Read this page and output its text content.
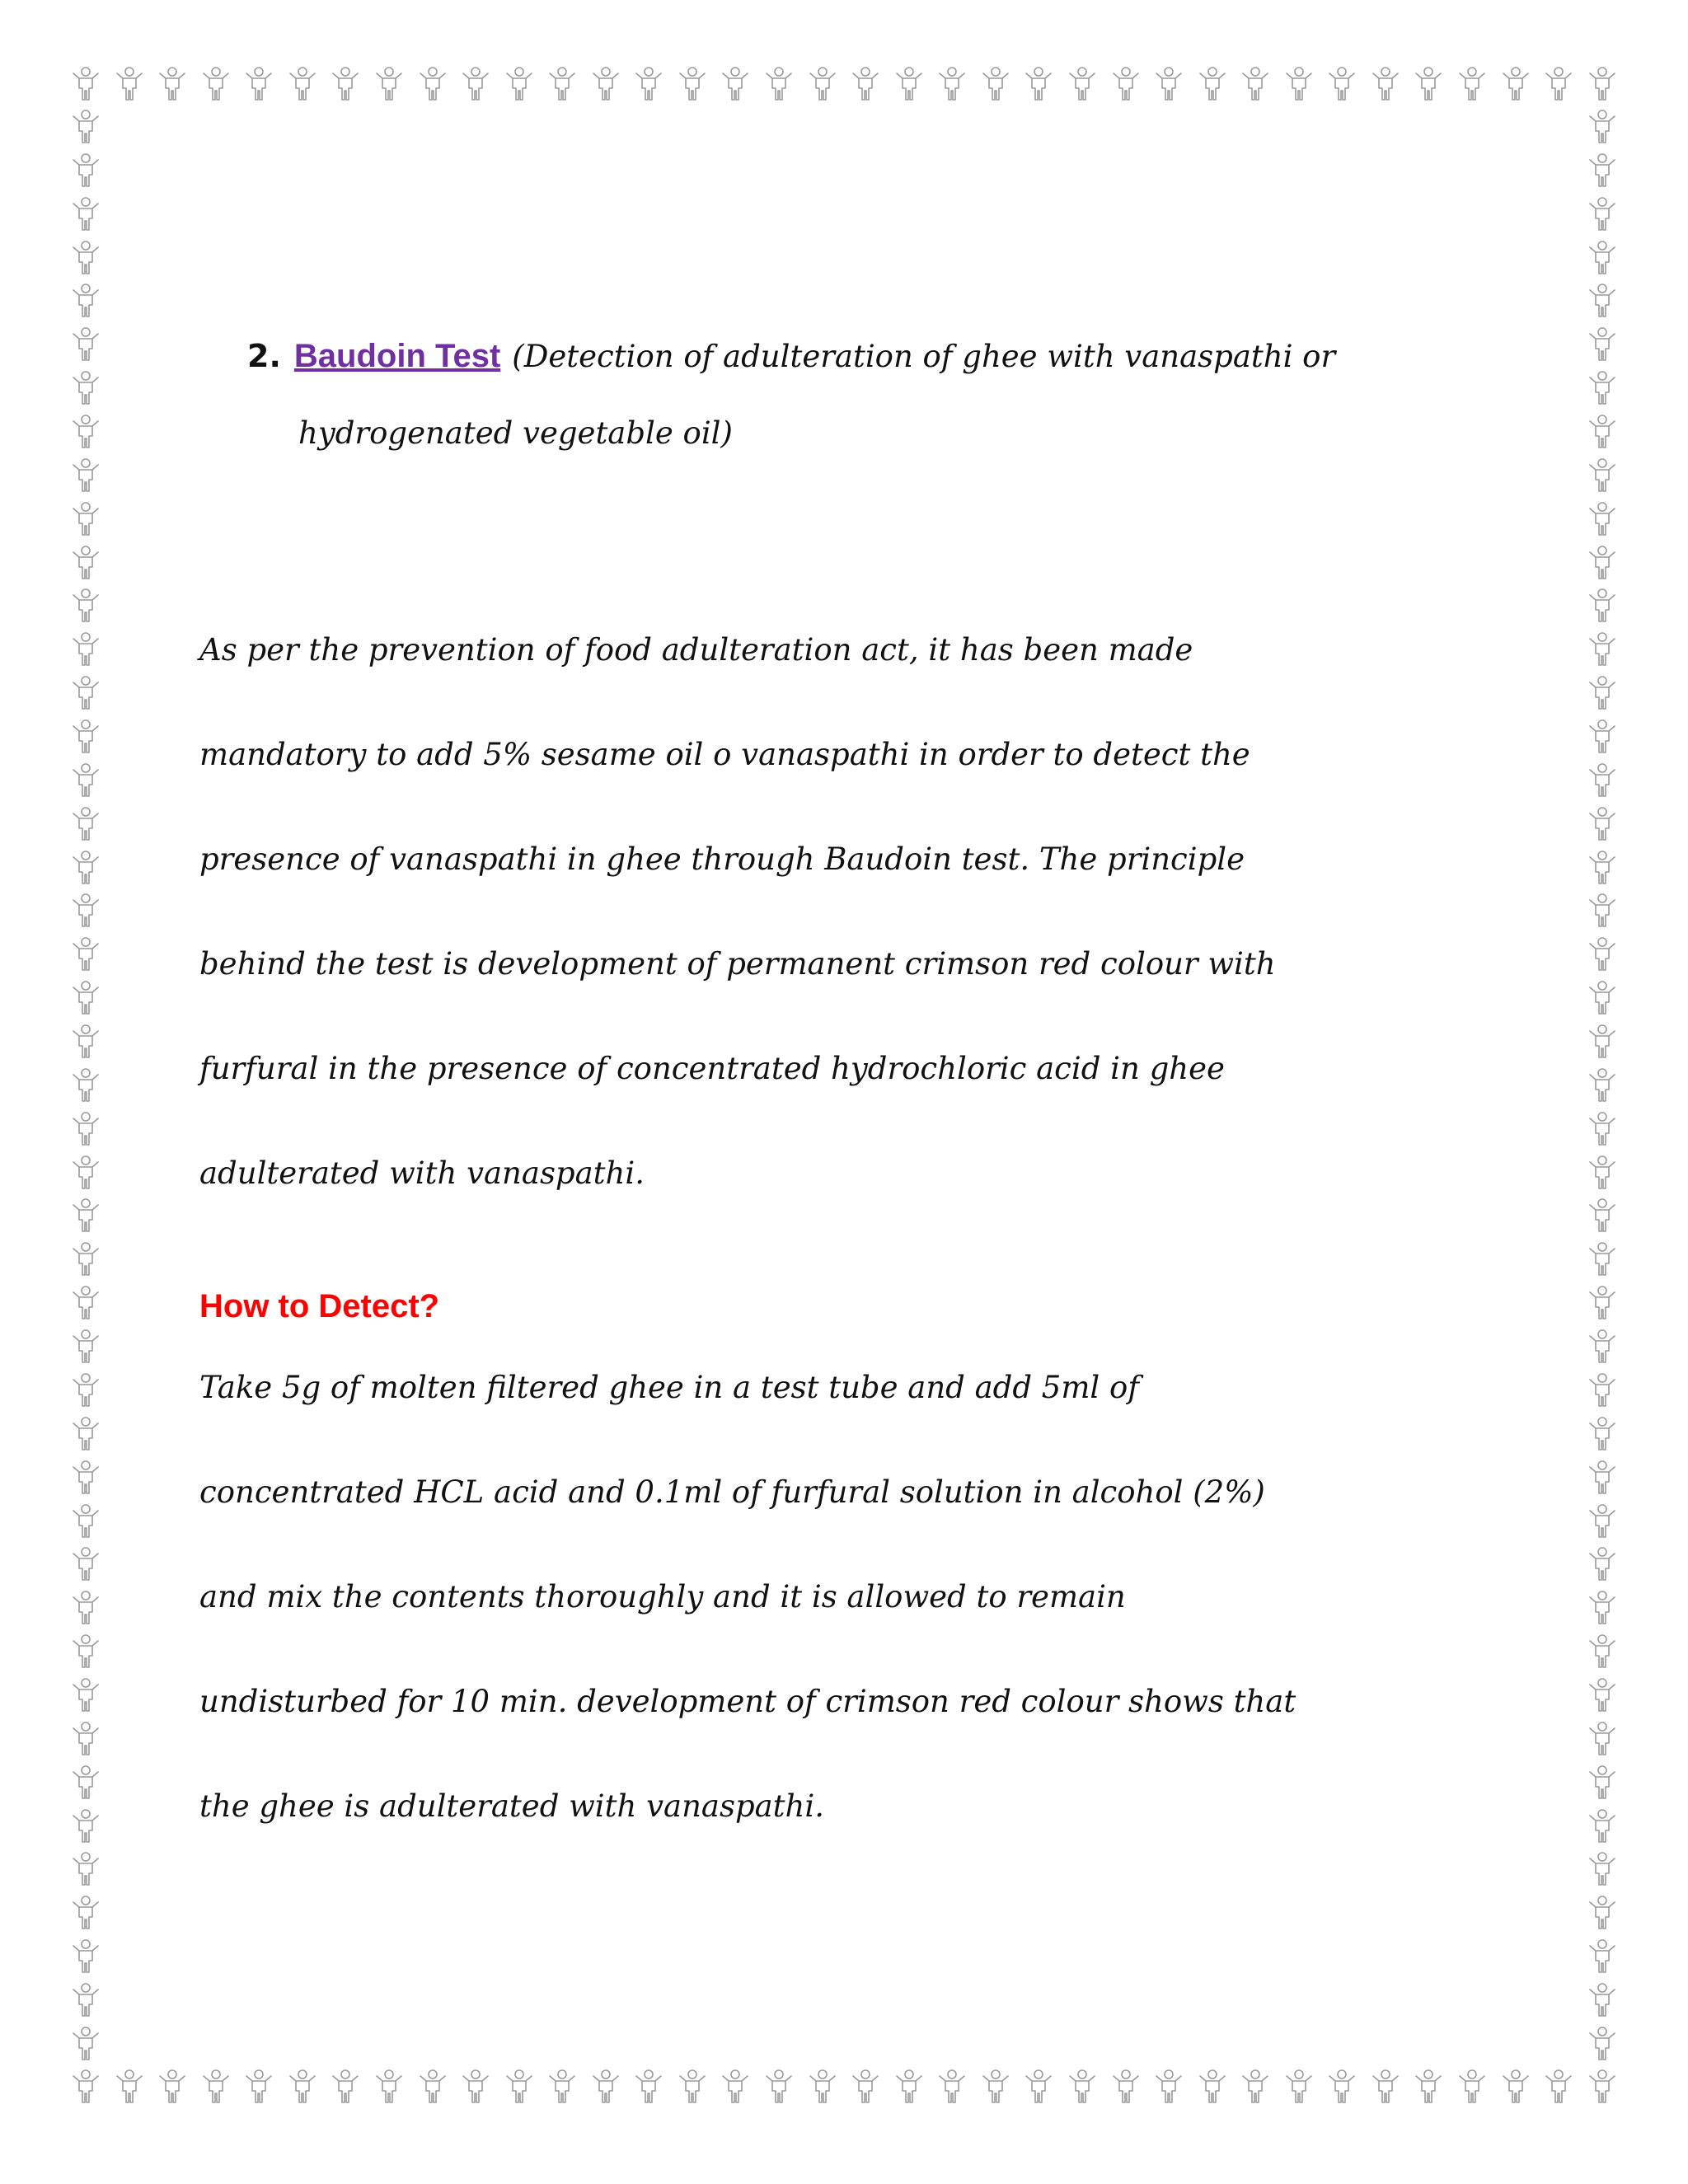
2. Baudoin Test (Detection of adulteration of ghee with vanaspathi or
hydrogenated vegetable oil)
As per the prevention of food adulteration act, it has been made
mandatory to add 5% sesame oil o vanaspathi in order to detect the
presence of vanaspathi in ghee through Baudoin test. The principle
behind the test is development of permanent crimson red colour with
furfural in the presence of concentrated hydrochloric acid in ghee
adulterated with vanaspathi.
How to Detect?
Take 5g of molten filtered ghee in a test tube and add 5ml of
concentrated HCL acid and 0.1ml of furfural solution in alcohol (2%)
and mix the contents thoroughly and it is allowed to remain
undisturbed for 10 min. development of crimson red colour shows that
the ghee is adulterated with vanaspathi.
